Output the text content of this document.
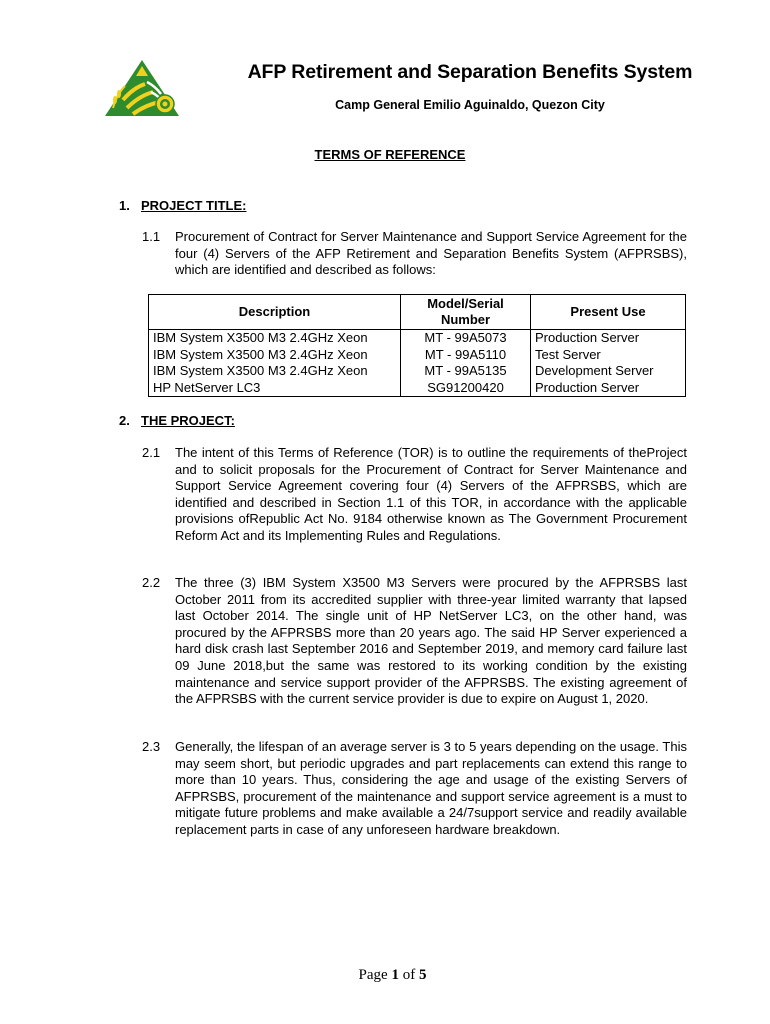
AFP Retirement and Separation Benefits System
Camp General Emilio Aguinaldo, Quezon City
TERMS OF REFERENCE
1. PROJECT TITLE:
1.1 Procurement of Contract for Server Maintenance and Support Service Agreement for the four (4) Servers of the AFP Retirement and Separation Benefits System (AFPRSBS), which are identified and described as follows:
Description	Model/Serial Number	Present Use
IBM System X3500 M3 2.4GHz Xeon	MT - 99A5073	Production Server
IBM System X3500 M3 2.4GHz Xeon	MT - 99A5110	Test Server
IBM System X3500 M3 2.4GHz Xeon	MT - 99A5135	Development Server
HP NetServer LC3	SG91200420	Production Server
2. THE PROJECT:
2.1 The intent of this Terms of Reference (TOR) is to outline the requirements of theProject and to solicit proposals for the Procurement of Contract for Server Maintenance and Support Service Agreement covering four (4) Servers of the AFPRSBS, which are identified and described in Section 1.1 of this TOR, in accordance with the applicable provisions ofRepublic Act No. 9184 otherwise known as The Government Procurement Reform Act and its Implementing Rules and Regulations.
2.2 The three (3) IBM System X3500 M3 Servers were procured by the AFPRSBS last October 2011 from its accredited supplier with three-year limited warranty that lapsed last October 2014. The single unit of HP NetServer LC3, on the other hand, was procured by the AFPRSBS more than 20 years ago. The said HP Server experienced a hard disk crash last September 2016 and September 2019, and memory card failure last 09 June 2018,but the same was restored to its working condition by the existing maintenance and service support provider of the AFPRSBS. The existing agreement of the AFPRSBS with the current service provider is due to expire on August 1, 2020.
2.3 Generally, the lifespan of an average server is 3 to 5 years depending on the usage. This may seem short, but periodic upgrades and part replacements can extend this range to more than 10 years. Thus, considering the age and usage of the existing Servers of AFPRSBS, procurement of the maintenance and support service agreement is a must to mitigate future problems and make available a 24/7support service and readily available replacement parts in case of any unforeseen hardware breakdown.
Page 1 of 5
